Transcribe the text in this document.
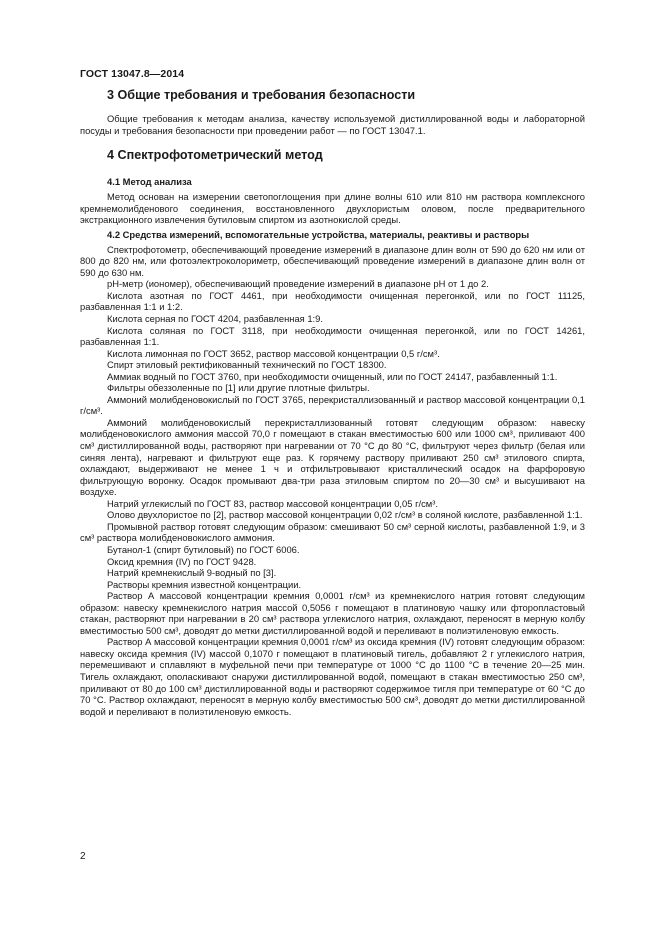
ГОСТ 13047.8—2014
3 Общие требования и требования безопасности

Общие требования к методам анализа, качеству используемой дистиллированной воды и лабораторной посуды и требования безопасности при проведении работ — по ГОСТ 13047.1.

4 Спектрофотометрический метод
4.1 Метод анализа

Метод основан на измерении светопоглощения при длине волны 610 или 810 нм раствора комплексного кремнемолибденового соединения, восстановленного двухлористым оловом, после предварительного экстракционного извлечения бутиловым спиртом из азотнокислой среды.

4.2 Средства измерений, вспомогательные устройства, материалы, реактивы и растворы

Спектрофотометр, обеспечивающий проведение измерений в диапазоне длин волн от 590 до 620 нм или от 800 до 820 нм, или фотоэлектроколориметр, обеспечивающий проведение измерений в диапазоне длин волн от 590 до 630 нм.

рН-метр (иономер), обеспечивающий проведение измерений в диапазоне рН от 1 до 2.

Кислота азотная по ГОСТ 4461, при необходимости очищенная перегонкой, или по ГОСТ 11125, разбавленная 1:1 и 1:2.

Кислота серная по ГОСТ 4204, разбавленная 1:9.

Кислота соляная по ГОСТ 3118, при необходимости очищенная перегонкой, или по ГОСТ 14261, разбавленная 1:1.

Кислота лимонная по ГОСТ 3652, раствор массовой концентрации 0,5 г/см³.

Спирт этиловый ректификованный технический по ГОСТ 18300.

Аммиак водный по ГОСТ 3760, при необходимости очищенный, или по ГОСТ 24147, разбавленный 1:1.

Фильтры обеззоленные по [1] или другие плотные фильтры.

Аммоний молибденовокислый по ГОСТ 3765, перекристаллизованный и раствор массовой концентрации 0,1 г/см³.

Аммоний молибденовокислый перекристаллизованный готовят следующим образом: навеску молибденовокислого аммония массой 70,0 г помещают в стакан вместимостью 600 или 1000 см³, приливают 400 см³ дистиллированной воды, растворяют при нагревании от 70 °С до 80 °С, фильтруют через фильтр (белая или синяя лента), нагревают и фильтруют еще раз. К горячему раствору приливают 250 см³ этилового спирта, охлаждают, выдерживают не менее 1 ч и отфильтровывают кристаллический осадок на фарфоровую фильтрующую воронку. Осадок промывают два-три раза этиловым спиртом по 20—30 см³ и высушивают на воздухе.

Натрий углекислый по ГОСТ 83, раствор массовой концентрации 0,05 г/см³.

Олово двухлористое по [2], раствор массовой концентрации 0,02 г/см³ в соляной кислоте, разбавленной 1:1.

Промывной раствор готовят следующим образом: смешивают 50 см³ серной кислоты, разбавленной 1:9, и 3 см³ раствора молибденовокислого аммония.

Бутанол-1 (спирт бутиловый) по ГОСТ 6006.

Оксид кремния (IV) по ГОСТ 9428.

Натрий кремнекислый 9-водный по [3].

Растворы кремния известной концентрации.

Раствор А массовой концентрации кремния 0,0001 г/см³ из кремнекислого натрия готовят следующим образом: навеску кремнекислого натрия массой 0,5056 г помещают в платиновую чашку или фторопластовый стакан, растворяют при нагревании в 20 см³ раствора углекислого натрия, охлаждают, переносят в мерную колбу вместимостью 500 см³, доводят до метки дистиллированной водой и переливают в полиэтиленовую емкость.

Раствор А массовой концентрации кремния 0,0001 г/см³ из оксида кремния (IV) готовят следующим образом: навеску оксида кремния (IV) массой 0,1070 г помещают в платиновый тигель, добавляют 2 г углекислого натрия, перемешивают и сплавляют в муфельной печи при температуре от 1000 °С до 1100 °С в течение 20—25 мин. Тигель охлаждают, ополаскивают снаружи дистиллированной водой, помещают в стакан вместимостью 250 см³, приливают от 80 до 100 см³ дистиллированной воды и растворяют содержимое тигля при температуре от 60 °С до 70 °С. Раствор охлаждают, переносят в мерную колбу вместимостью 500 см³, доводят до метки дистиллированной водой и переливают в полиэтиленовую емкость.

2
